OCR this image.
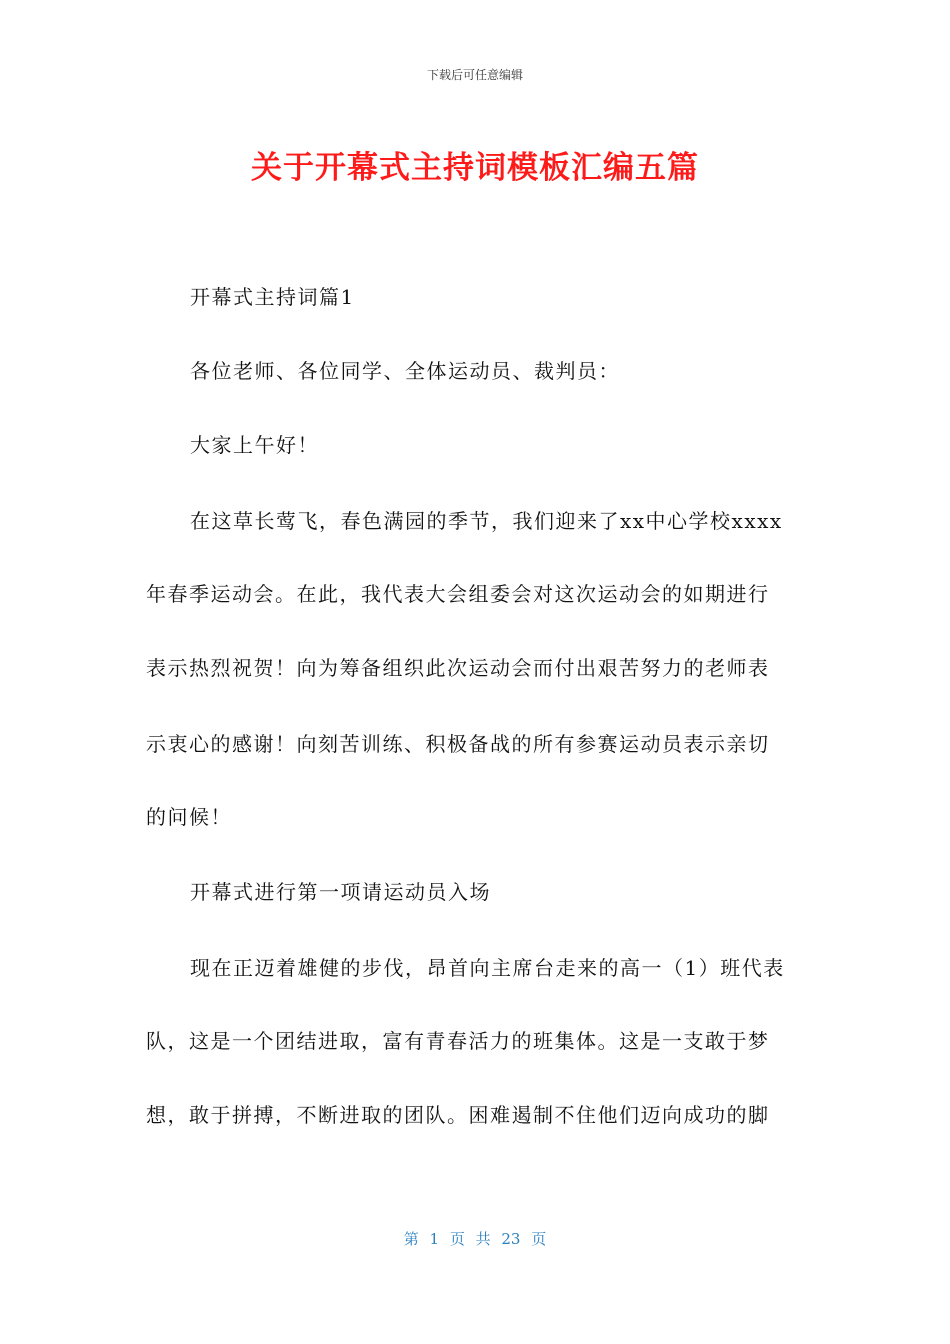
下载后可任意编辑
关于开幕式主持词模板汇编五篇
开幕式主持词篇1
各位老师、各位同学、全体运动员、裁判员：
大家上午好！
在这草长莺飞，春色满园的季节，我们迎来了xx中心学校xxxx
年春季运动会。在此，我代表大会组委会对这次运动会的如期进行
表示热烈祝贺！向为筹备组织此次运动会而付出艰苦努力的老师表
示衷心的感谢！向刻苦训练、积极备战的所有参赛运动员表示亲切
的问候！
开幕式进行第一项请运动员入场
现在正迈着雄健的步伐，昂首向主席台走来的高一（1）班代表
队，这是一个团结进取，富有青春活力的班集体。这是一支敢于梦
想，敢于拼搏，不断进取的团队。困难遏制不住他们迈向成功的脚
第 1 页 共 23 页
